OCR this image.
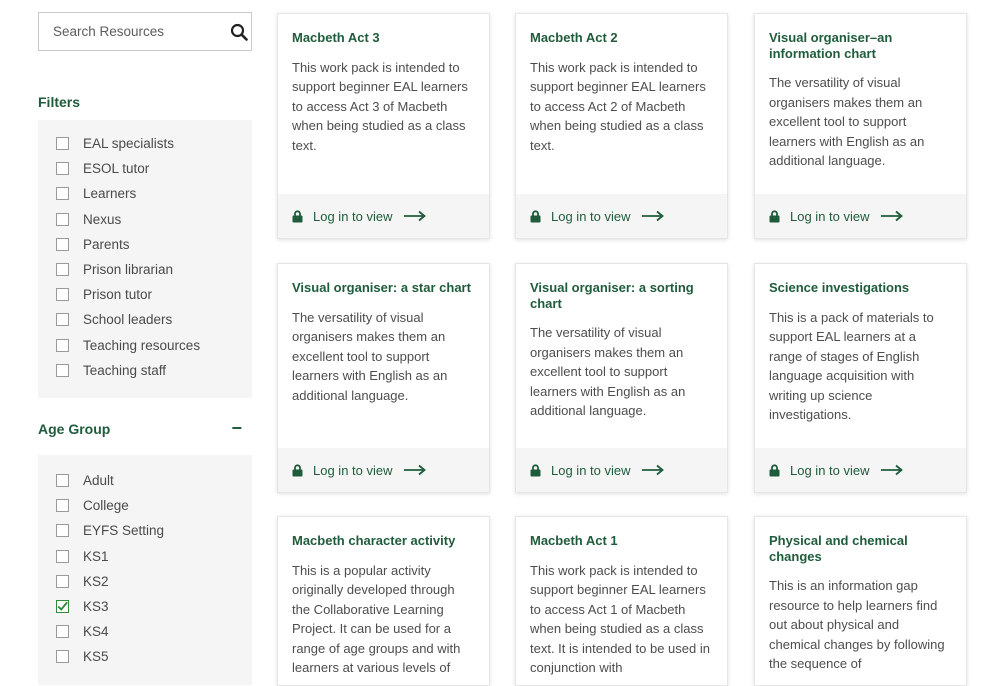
Search Resources
Filters
EAL specialists
ESOL tutor
Learners
Nexus
Parents
Prison librarian
Prison tutor
School leaders
Teaching resources
Teaching staff
Age Group	−
Adult
College
EYFS Setting
KS1
KS2
KS3
KS4
KS5
Macbeth Act 3
This work pack is intended to support beginner EAL learners to access Act 3 of Macbeth when being studied as a class text.
Log in to view
Macbeth Act 2
This work pack is intended to support beginner EAL learners to access Act 2 of Macbeth when being studied as a class text.
Log in to view
Visual organiser–an information chart
The versatility of visual organisers makes them an excellent tool to support learners with English as an additional language.
Log in to view
Visual organiser: a star chart
The versatility of visual organisers makes them an excellent tool to support learners with English as an additional language.
Log in to view
Visual organiser: a sorting chart
The versatility of visual organisers makes them an excellent tool to support learners with English as an additional language.
Log in to view
Science investigations
This is a pack of materials to support EAL learners at a range of stages of English language acquisition with writing up science investigations.
Log in to view
Macbeth character activity
This is a popular activity originally developed through the Collaborative Learning Project. It can be used for a range of age groups and with learners at various levels of
Macbeth Act 1
This work pack is intended to support beginner EAL learners to access Act 1 of Macbeth when being studied as a class text. It is intended to be used in conjunction with
Physical and chemical changes
This is an information gap resource to help learners find out about physical and chemical changes by following the sequence of
